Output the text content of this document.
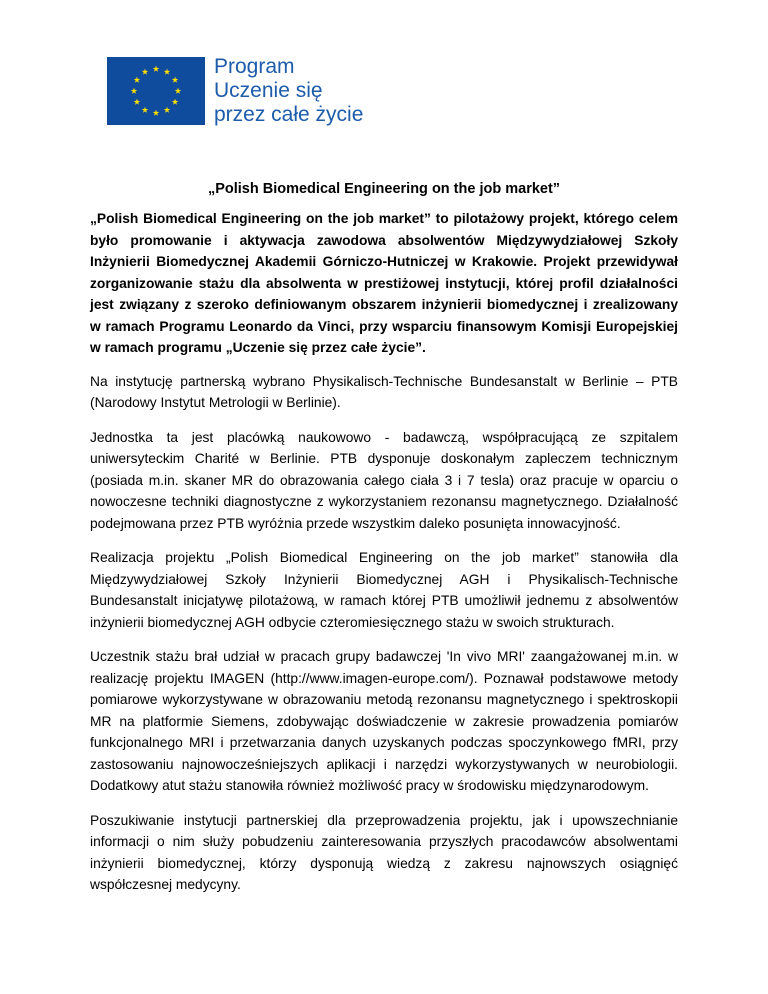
Program
Uczenie się
przez całe życie
„Polish Biomedical Engineering on the job market”

„Polish Biomedical Engineering on the job market” to pilotażowy projekt, którego celem było promowanie i aktywacja zawodowa absolwentów Międzywydziałowej Szkoły Inżynierii Biomedycznej Akademii Górniczo-Hutniczej w Krakowie. Projekt przewidywał zorganizowanie stażu dla absolwenta w prestiżowej instytucji, której profil działalności jest związany z szeroko definiowanym obszarem inżynierii biomedycznej i zrealizowany w ramach Programu Leonardo da Vinci, przy wsparciu finansowym Komisji Europejskiej w ramach programu „Uczenie się przez całe życie”.

Na instytucję partnerską wybrano Physikalisch-Technische Bundesanstalt w Berlinie – PTB (Narodowy Instytut Metrologii w Berlinie).

Jednostka ta jest placówką naukowowo - badawczą, współpracującą ze szpitalem uniwersyteckim Charité w Berlinie. PTB dysponuje doskonałym zapleczem technicznym (posiada m.in. skaner MR do obrazowania całego ciała 3 i 7 tesla) oraz pracuje w oparciu o nowoczesne techniki diagnostyczne z wykorzystaniem rezonansu magnetycznego. Działalność podejmowana przez PTB wyróżnia przede wszystkim daleko posunięta innowacyjność.

Realizacja projektu „Polish Biomedical Engineering on the job market” stanowiła dla Międzywydziałowej Szkoły Inżynierii Biomedycznej AGH i Physikalisch-Technische Bundesanstalt inicjatywę pilotażową, w ramach której PTB umożliwił jednemu z absolwentów inżynierii biomedycznej AGH odbycie czteromiesięcznego stażu w swoich strukturach.

Uczestnik stażu brał udział w pracach grupy badawczej 'In vivo MRI' zaangażowanej m.in. w realizację projektu IMAGEN (http://www.imagen-europe.com/). Poznawał podstawowe metody pomiarowe wykorzystywane w obrazowaniu metodą rezonansu magnetycznego i spektroskopii MR na platformie Siemens, zdobywając doświadczenie w zakresie prowadzenia pomiarów funkcjonalnego MRI i przetwarzania danych uzyskanych podczas spoczynkowego fMRI, przy zastosowaniu najnowocześniejszych aplikacji i narzędzi wykorzystywanych w neurobiologii. Dodatkowy atut stażu stanowiła również możliwość pracy w środowisku międzynarodowym.

Poszukiwanie instytucji partnerskiej dla przeprowadzenia projektu, jak i upowszechnianie informacji o nim służy pobudzeniu zainteresowania przyszłych pracodawców absolwentami inżynierii biomedycznej, którzy dysponują wiedzą z zakresu najnowszych osiągnięć współczesnej medycyny.
